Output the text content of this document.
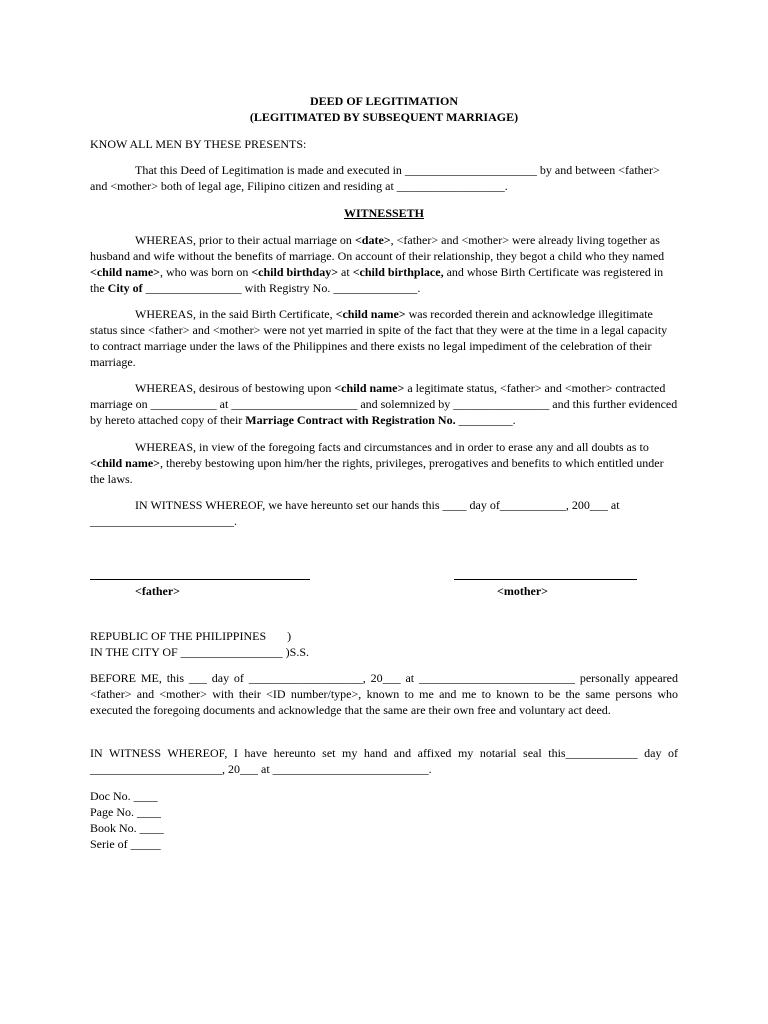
DEED OF LEGITIMATION
(LEGITIMATED BY SUBSEQUENT MARRIAGE)
KNOW ALL MEN BY THESE PRESENTS:
That this Deed of Legitimation is made and executed in ______________________ by and between <father> and <mother> both of legal age, Filipino citizen and residing at __________________.
WITNESSETH
WHEREAS, prior to their actual marriage on <date>, <father> and <mother> were already living together as husband and wife without the benefits of marriage. On account of their relationship, they begot a child who they named <child name>, who was born on <child birthday> at <child birthplace, and whose Birth Certificate was registered in the City of ________________ with Registry No. ______________.
WHEREAS, in the said Birth Certificate, <child name> was recorded therein and acknowledge illegitimate status since <father> and <mother> were not yet married in spite of the fact that they were at the time in a legal capacity to contract marriage under the laws of the Philippines and there exists no legal impediment of the celebration of their marriage.
WHEREAS, desirous of bestowing upon <child name> a legitimate status, <father> and <mother> contracted marriage on ___________ at _____________________ and solemnized by ________________ and this further evidenced by hereto attached copy of their Marriage Contract with Registration No. _________.
WHEREAS, in view of the foregoing facts and circumstances and in order to erase any and all doubts as to <child name>, thereby bestowing upon him/her the rights, privileges, prerogatives and benefits to which entitled under the laws.
IN WITNESS WHEREOF, we have hereunto set our hands this ____ day of___________, 200___ at
________________________.
<father>	<mother>
REPUBLIC OF THE PHILIPPINES       )
IN THE CITY OF _________________ )S.S.
BEFORE ME, this ___ day of ___________________, 20___ at __________________________ personally appeared <father> and <mother> with their <ID number/type>, known to me and me to known to be the same persons who executed the foregoing documents and acknowledge that the same are their own free and voluntary act deed.
IN WITNESS WHEREOF, I have hereunto set my hand and affixed my notarial seal this____________ day of ______________________, 20___ at __________________________.
Doc No. ____
Page No. ____
Book No. ____
Serie of _____
